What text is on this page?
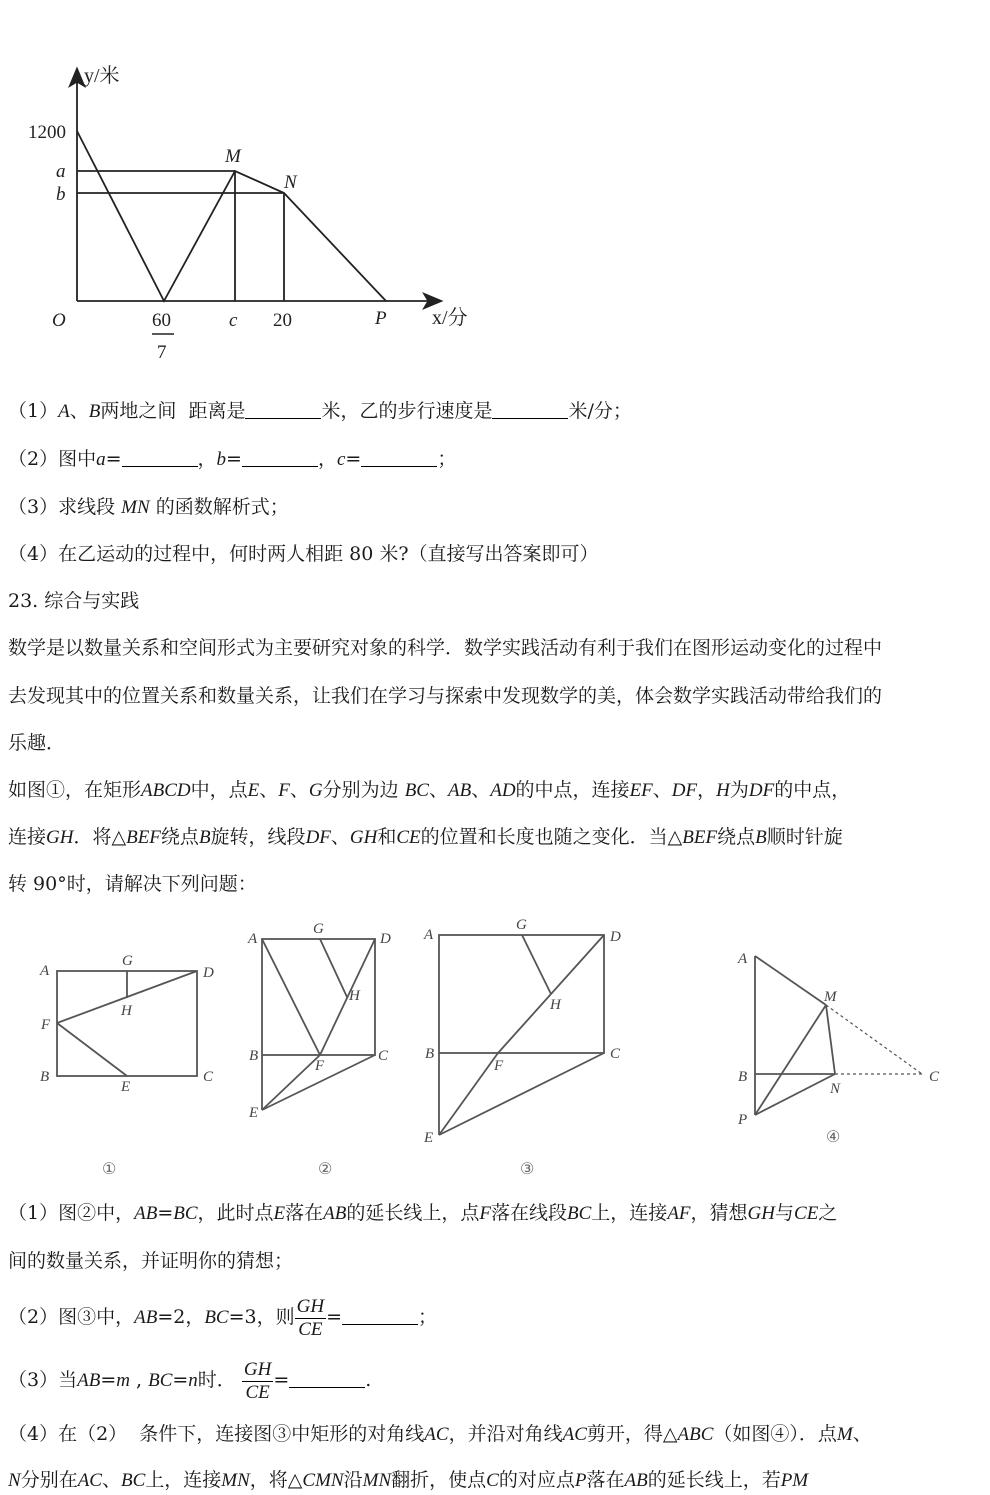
y/米
x/分
O
1200
a
b
60
7
c 20	P
M
N
（1）A、B两地之间 距离是	米，乙的步行速度是	米/分；
（2）图中a=	，b=	，c=	；
（3）求线段 MN 的函数解析式；
（4）在乙运动的过程中，何时两人相距 80 米?（直接写出答案即可）
23. 综合与实践
数学是以数量关系和空间形式为主要研究对象的科学．数学实践活动有利于我们在图形运动变化的过程中
去发现其中的位置关系和数量关系，让我们在学习与探索中发现数学的美，体会数学实践活动带给我们的
乐趣．
如图①，在矩形ABCD中，点E、F、G分别为边 BC、AB、AD的中点，连接EF、DF，H为DF的中点，
连接GH．将△BEF绕点B旋转，线段DF、GH和CE的位置和长度也随之变化．当△BEF绕点B顺时针旋
转 90°时，请解决下列问题：
A
G
D
H
F
B
E
C
A
G
D
H
B
F
C
E
A
G
D
H
B
F
C
E
A
M
B	C
N
P
①	②	③
④
（1）图②中，AB=BC，此时点E落在AB的延长线上，点F落在线段BC上，连接AF，猜想GH与CE之
间的数量关系，并证明你的猜想；
（2）图③中，AB=2，BC=3，则 $\frac{GH}{CE}$ =	；
（3）当AB=m , BC=n时． $\frac{GH}{CE}$ =	.
（4）在（2） 条件下，连接图③中矩形的对角线AC，并沿对角线AC剪开，得△ABC（如图④）．点M、
N分别在AC、BC上，连接MN，将△CMN沿MN翻折，使点C的对应点P落在AB的延长线上，若PM
